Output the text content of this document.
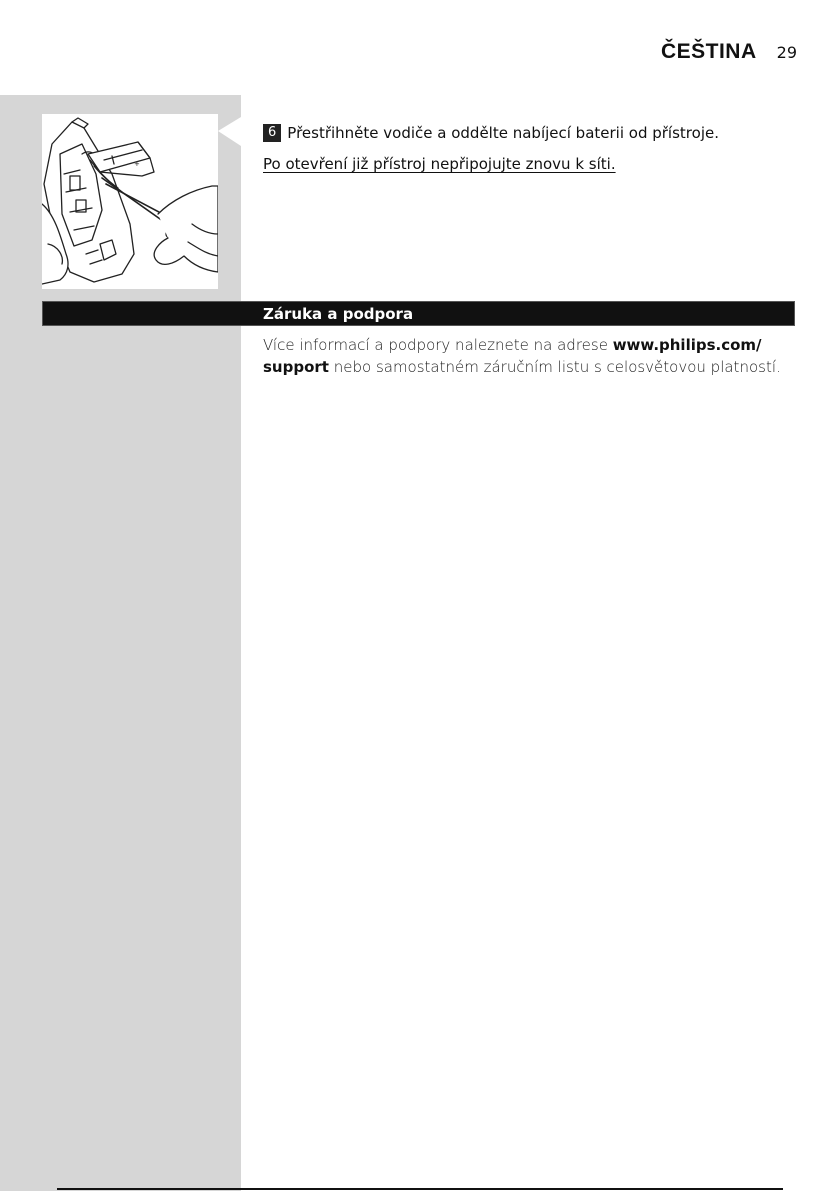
ČEŠTINA 29
+
6 Přestřihněte vodiče a oddělte nabíjecí baterii od přístroje.
Po otevření již přístroj nepřipojujte znovu k síti.
Záruka a podpora
Více informací a podpory naleznete na adrese www.philips.com/
support nebo samostatném záručním listu s celosvětovou platností.
